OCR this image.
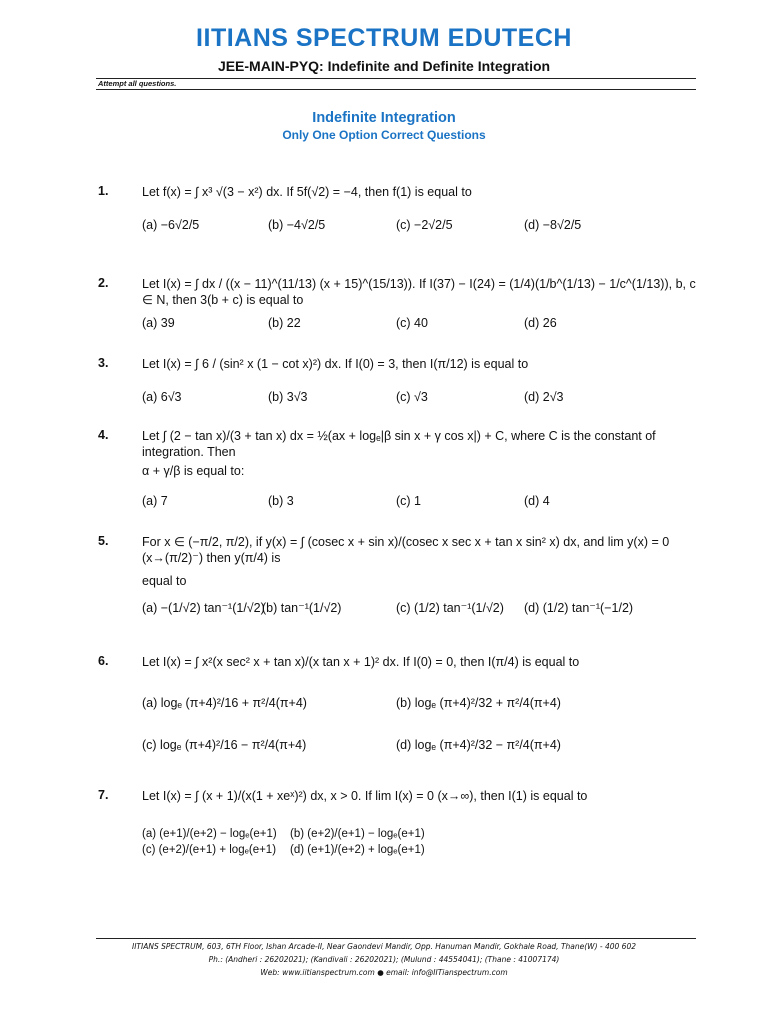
IITIANS SPECTRUM EDUTECH
JEE-MAIN-PYQ: Indefinite and Definite Integration
Attempt all questions.
Indefinite Integration
Only One Option Correct Questions
1.	Let f(x) = ∫ x³ √(3 − x²) dx. If 5f(√2) = −4, then f(1) is equal to
(a) −6√2/5	(b) −4√2/5	(c) −2√2/5	(d) −8√2/5
2.	Let I(x) = ∫ dx / ((x − 11)^(11/13) (x + 15)^(15/13)). If I(37) − I(24) = (1/4)(1/b^(1/13) − 1/c^(1/13)), b, c ∈ N, then 3(b + c) is equal to
(a) 39	(b) 22	(c) 40	(d) 26
3.	Let I(x) = ∫ 6 / (sin² x (1 − cot x)²) dx. If I(0) = 3, then I(π/12) is equal to
(a) 6√3	(b) 3√3	(c) √3	(d) 2√3
4.	Let ∫ (2 − tan x)/(3 + tan x) dx = ½(ax + logₑ|β sin x + γ cos x|) + C, where C is the constant of integration. Then
α + γ/β is equal to:
(a) 7	(b) 3	(c) 1	(d) 4
5.	For x ∈ (−π/2, π/2), if y(x) = ∫ (cosec x + sin x)/(cosec x sec x + tan x sin² x) dx, and lim y(x) = 0 (x→(π/2)⁻) then y(π/4) is
equal to
(a) −(1/√2) tan⁻¹(1/√2)
(b) tan⁻¹(1/√2)	(c) (1/2) tan⁻¹(1/√2) (d) (1/2) tan⁻¹(−1/2)
6.	Let I(x) = ∫ x²(x sec² x + tan x)/(x tan x + 1)² dx. If I(0) = 0, then I(π/4) is equal to
(a) logₑ (π+4)²/16 + π²/4(π+4)	(b) logₑ (π+4)²/32 + π²/4(π+4)
(c) logₑ (π+4)²/16 − π²/4(π+4)	(d) logₑ (π+4)²/32 − π²/4(π+4)
7.	Let I(x) = ∫ (x + 1)/(x(1 + xeˣ)²) dx, x > 0. If lim I(x) = 0 (x→∞), then I(1) is equal to
(a) (e+1)/(e+2) − logₑ(e+1) (b) (e+2)/(e+1) − logₑ(e+1)
(c) (e+2)/(e+1) + logₑ(e+1) (d) (e+1)/(e+2) + logₑ(e+1)
IITIANS SPECTRUM, 603, 6TH Floor, Ishan Arcade-II, Near Gaondevi Mandir, Opp. Hanuman Mandir, Gokhale Road, Thane(W) - 400 602
Ph.: (Andheri : 26202021); (Kandivali : 26202021); (Mulund : 44554041); (Thane : 41007174)
Web: www.iitianspectrum.com ● email: info@IITianspectrum.com
